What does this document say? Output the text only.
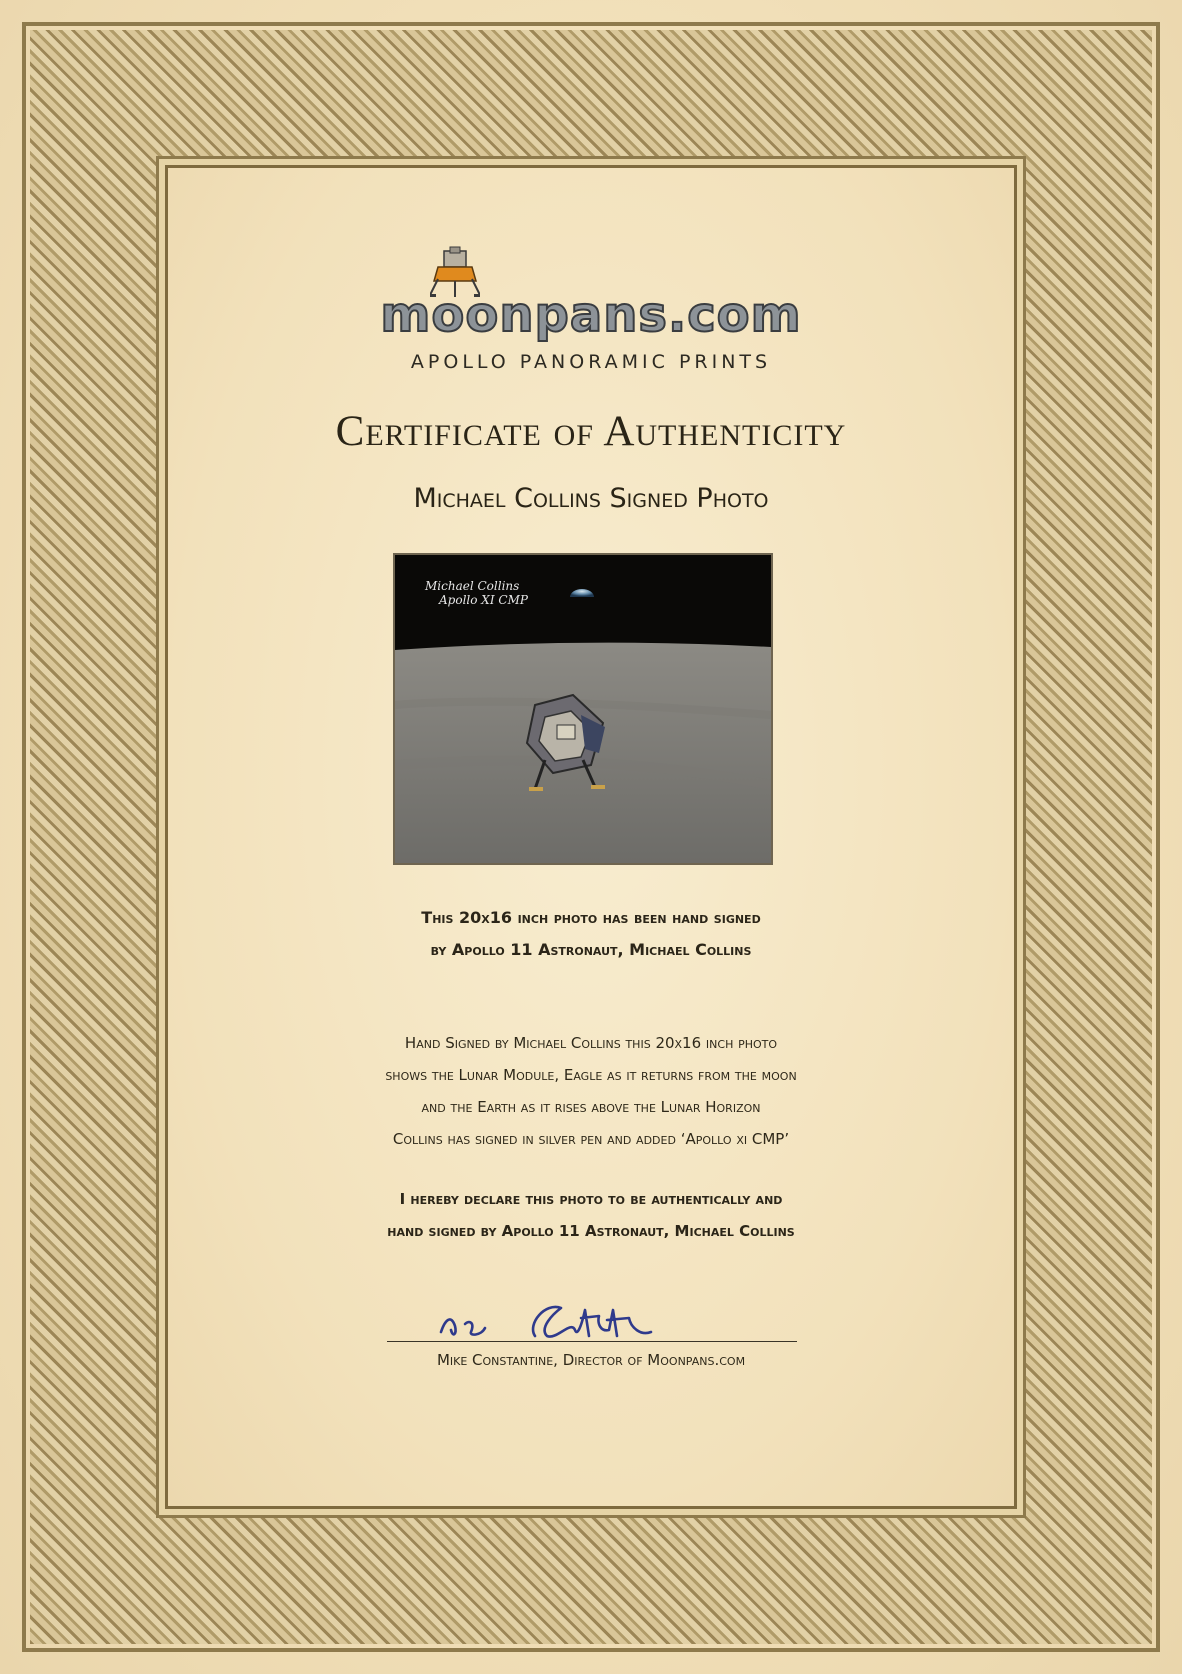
moonpans.com
APOLLO PANORAMIC PRINTS
Certificate of Authenticity
Michael Collins Signed Photo
Michael Collins
Apollo XI CMP
This 20x16 inch photo has been hand signed
by Apollo 11 Astronaut, Michael Collins
Hand Signed by Michael Collins this 20x16 inch photo
shows the Lunar Module, Eagle as it returns from the moon
and the Earth as it rises above the Lunar Horizon
Collins has signed in silver pen and added ‘Apollo xi CMP’
I hereby declare this photo to be authentically and
hand signed by Apollo 11 Astronaut, Michael Collins
Mike Constantine, Director of Moonpans.com
